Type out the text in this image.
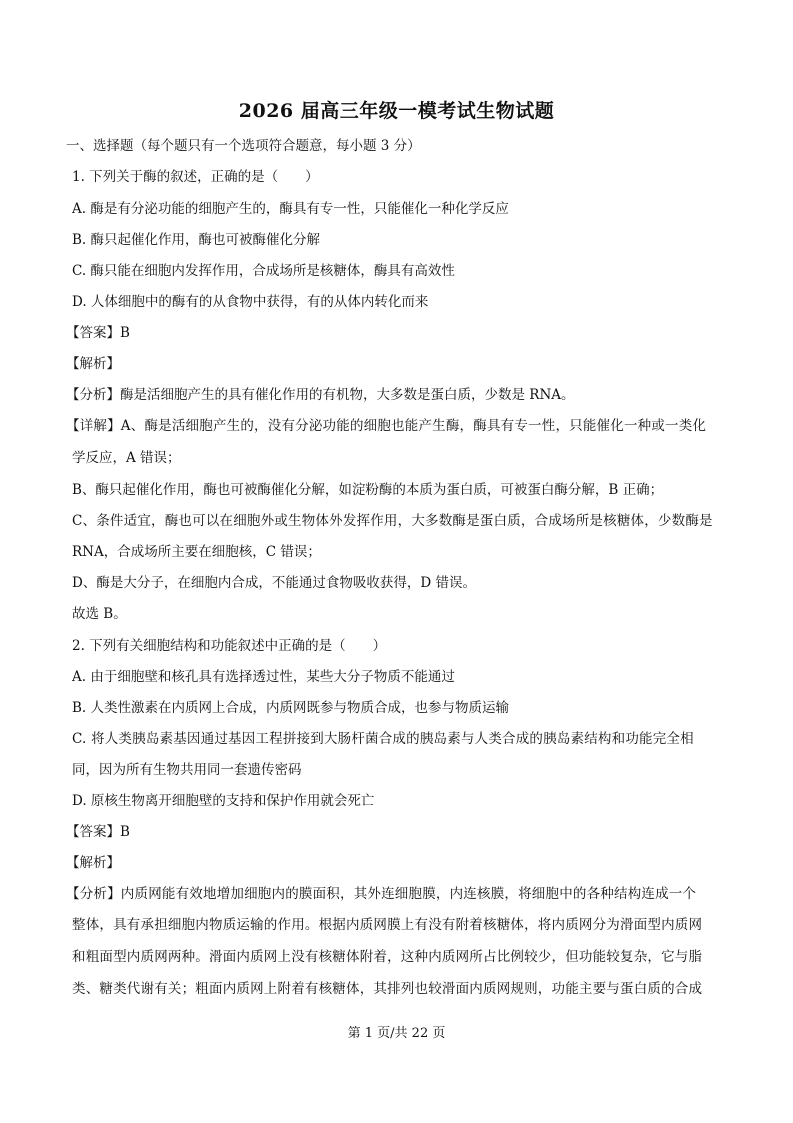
2026 届高三年级一模考试生物试题
一、选择题（每个题只有一个选项符合题意，每小题 3 分）
1. 下列关于酶的叙述，正确的是（　　）
A. 酶是有分泌功能的细胞产生的，酶具有专一性，只能催化一种化学反应
B. 酶只起催化作用，酶也可被酶催化分解
C. 酶只能在细胞内发挥作用，合成场所是核糖体，酶具有高效性
D. 人体细胞中的酶有的从食物中获得，有的从体内转化而来
【答案】B
【解析】
【分析】酶是活细胞产生的具有催化作用的有机物，大多数是蛋白质，少数是 RNA。
【详解】A、酶是活细胞产生的，没有分泌功能的细胞也能产生酶，酶具有专一性，只能催化一种或一类化
学反应，A 错误；
B、酶只起催化作用，酶也可被酶催化分解，如淀粉酶的本质为蛋白质，可被蛋白酶分解，B 正确；
C、条件适宜，酶也可以在细胞外或生物体外发挥作用，大多数酶是蛋白质，合成场所是核糖体，少数酶是
RNA，合成场所主要在细胞核，C 错误；
D、酶是大分子，在细胞内合成，不能通过食物吸收获得，D 错误。
故选 B。
2. 下列有关细胞结构和功能叙述中正确的是（　　）
A. 由于细胞壁和核孔具有选择透过性，某些大分子物质不能通过
B. 人类性激素在内质网上合成，内质网既参与物质合成，也参与物质运输
C. 将人类胰岛素基因通过基因工程拼接到大肠杆菌合成的胰岛素与人类合成的胰岛素结构和功能完全相
同，因为所有生物共用同一套遗传密码
D. 原核生物离开细胞壁的支持和保护作用就会死亡
【答案】B
【解析】
【分析】内质网能有效地增加细胞内的膜面积，其外连细胞膜，内连核膜，将细胞中的各种结构连成一个
整体，具有承担细胞内物质运输的作用。根据内质网膜上有没有附着核糖体，将内质网分为滑面型内质网
和粗面型内质网两种。滑面内质网上没有核糖体附着，这种内质网所占比例较少，但功能较复杂，它与脂
类、糖类代谢有关；粗面内质网上附着有核糖体，其排列也较滑面内质网规则，功能主要与蛋白质的合成
第 1 页/共 22 页
